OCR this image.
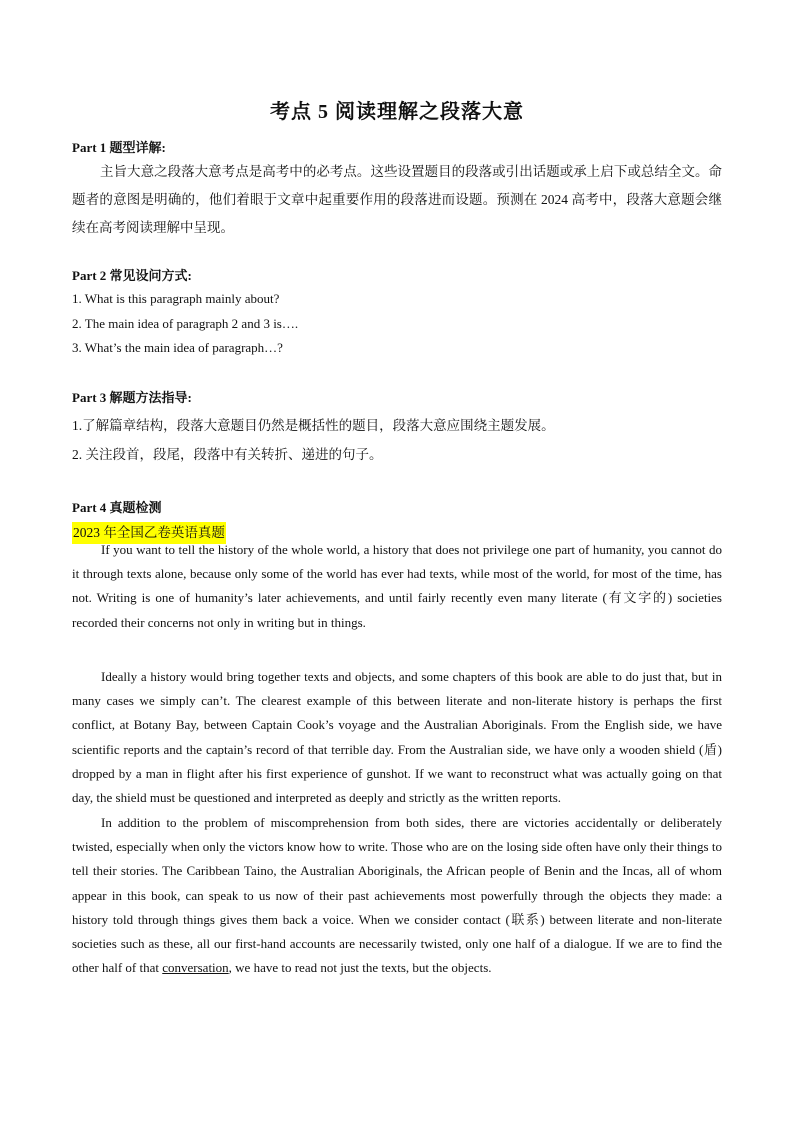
考点 5 阅读理解之段落大意
Part 1 题型详解:
主旨大意之段落大意考点是高考中的必考点。这些设置题目的段落或引出话题或承上启下或总结全文。命题者的意图是明确的，他们着眼于文章中起重要作用的段落进而设题。预测在 2024 高考中，段落大意题会继续在高考阅读理解中呈现。
Part 2 常见设问方式:
1. What is this paragraph mainly about?
2. The main idea of paragraph 2 and 3 is….
3. What’s the main idea of paragraph…?
Part 3 解题方法指导:
1.了解篇章结构，段落大意题目仍然是概括性的题目，段落大意应围绕主题发展。
2. 关注段首，段尾，段落中有关转折、递进的句子。
Part 4 真题检测
2023 年全国乙卷英语真题
If you want to tell the history of the whole world, a history that does not privilege one part of humanity, you cannot do it through texts alone, because only some of the world has ever had texts, while most of the world, for most of the time, has not. Writing is one of humanity’s later achievements, and until fairly recently even many literate (有文字的) societies recorded their concerns not only in writing but in things.
Ideally a history would bring together texts and objects, and some chapters of this book are able to do just that, but in many cases we simply can’t. The clearest example of this between literate and non-literate history is perhaps the first conflict, at Botany Bay, between Captain Cook’s voyage and the Australian Aboriginals. From the English side, we have scientific reports and the captain’s record of that terrible day. From the Australian side, we have only a wooden shield (盾) dropped by a man in flight after his first experience of gunshot. If we want to reconstruct what was actually going on that day, the shield must be questioned and interpreted as deeply and strictly as the written reports.
In addition to the problem of miscomprehension from both sides, there are victories accidentally or deliberately twisted, especially when only the victors know how to write. Those who are on the losing side often have only their things to tell their stories. The Caribbean Taino, the Australian Aboriginals, the African people of Benin and the Incas, all of whom appear in this book, can speak to us now of their past achievements most powerfully through the objects they made: a history told through things gives them back a voice. When we consider contact (联系) between literate and non-literate societies such as these, all our first-hand accounts are necessarily twisted, only one half of a dialogue. If we are to find the other half of that conversation, we have to read not just the texts, but the objects.
